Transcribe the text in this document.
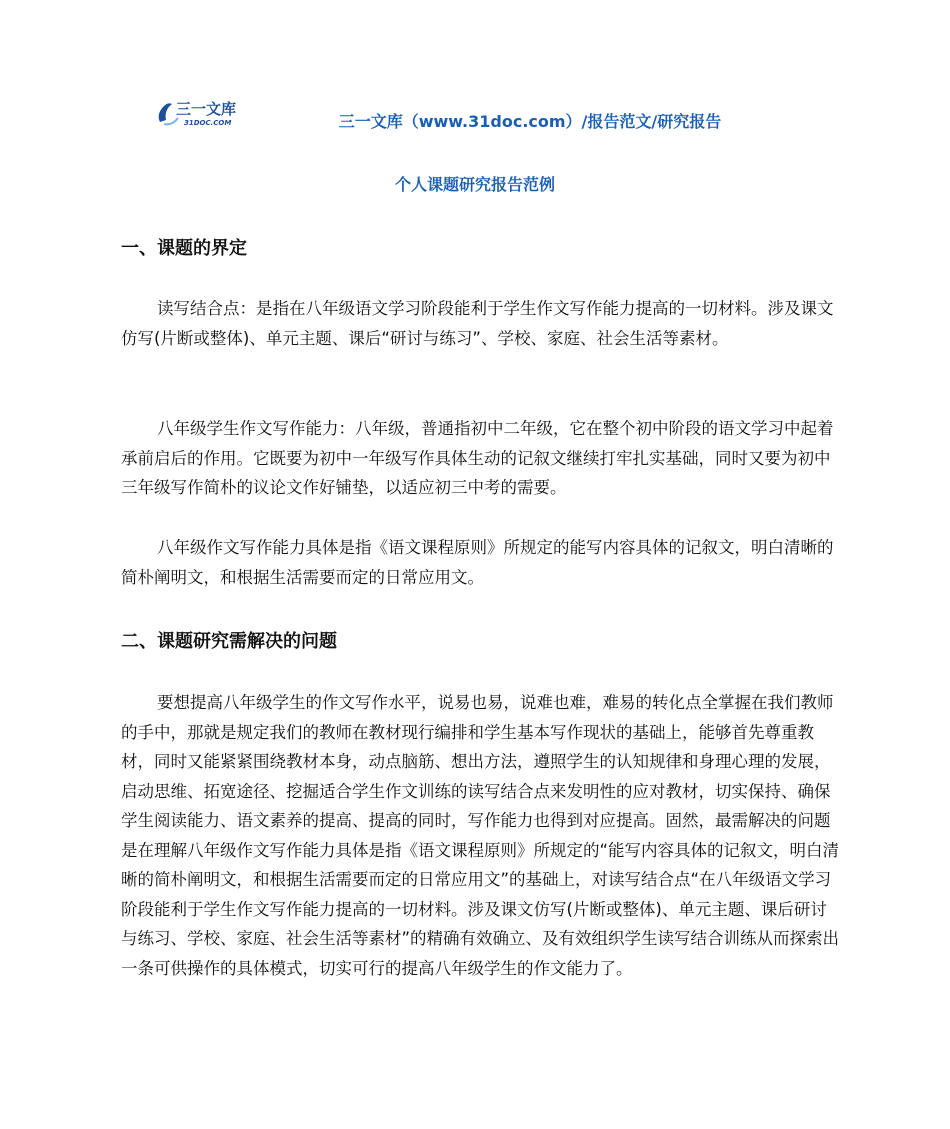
三一文库
31DOC.COM	三一文库（www.31doc.com）/报告范文/研究报告
个人课题研究报告范例
一、课题的界定

读写结合点：是指在八年级语文学习阶段能利于学生作文写作能力提高的一切材料。涉及课文仿写(片断或整体)、单元主题、课后“研讨与练习”、学校、家庭、社会生活等素材。

八年级学生作文写作能力：八年级，普通指初中二年级，它在整个初中阶段的语文学习中起着承前启后的作用。它既要为初中一年级写作具体生动的记叙文继续打牢扎实基础，同时又要为初中三年级写作简朴的议论文作好铺垫，以适应初三中考的需要。

八年级作文写作能力具体是指《语文课程原则》所规定的能写内容具体的记叙文，明白清晰的简朴阐明文，和根据生活需要而定的日常应用文。

二、课题研究需解决的问题

要想提高八年级学生的作文写作水平，说易也易，说难也难，难易的转化点全掌握在我们教师的手中，那就是规定我们的教师在教材现行编排和学生基本写作现状的基础上，能够首先尊重教材，同时又能紧紧围绕教材本身，动点脑筋、想出方法，遵照学生的认知规律和身理心理的发展，启动思维、拓宽途径、挖掘适合学生作文训练的读写结合点来发明性的应对教材，切实保持、确保学生阅读能力、语文素养的提高、提高的同时，写作能力也得到对应提高。固然，最需解决的问题是在理解八年级作文写作能力具体是指《语文课程原则》所规定的“能写内容具体的记叙文，明白清晰的简朴阐明文，和根据生活需要而定的日常应用文”的基础上，对读写结合点“在八年级语文学习阶段能利于学生作文写作能力提高的一切材料。涉及课文仿写(片断或整体)、单元主题、课后研讨与练习、学校、家庭、社会生活等素材”的精确有效确立、及有效组织学生读写结合训练从而探索出一条可供操作的具体模式，切实可行的提高八年级学生的作文能力了。
